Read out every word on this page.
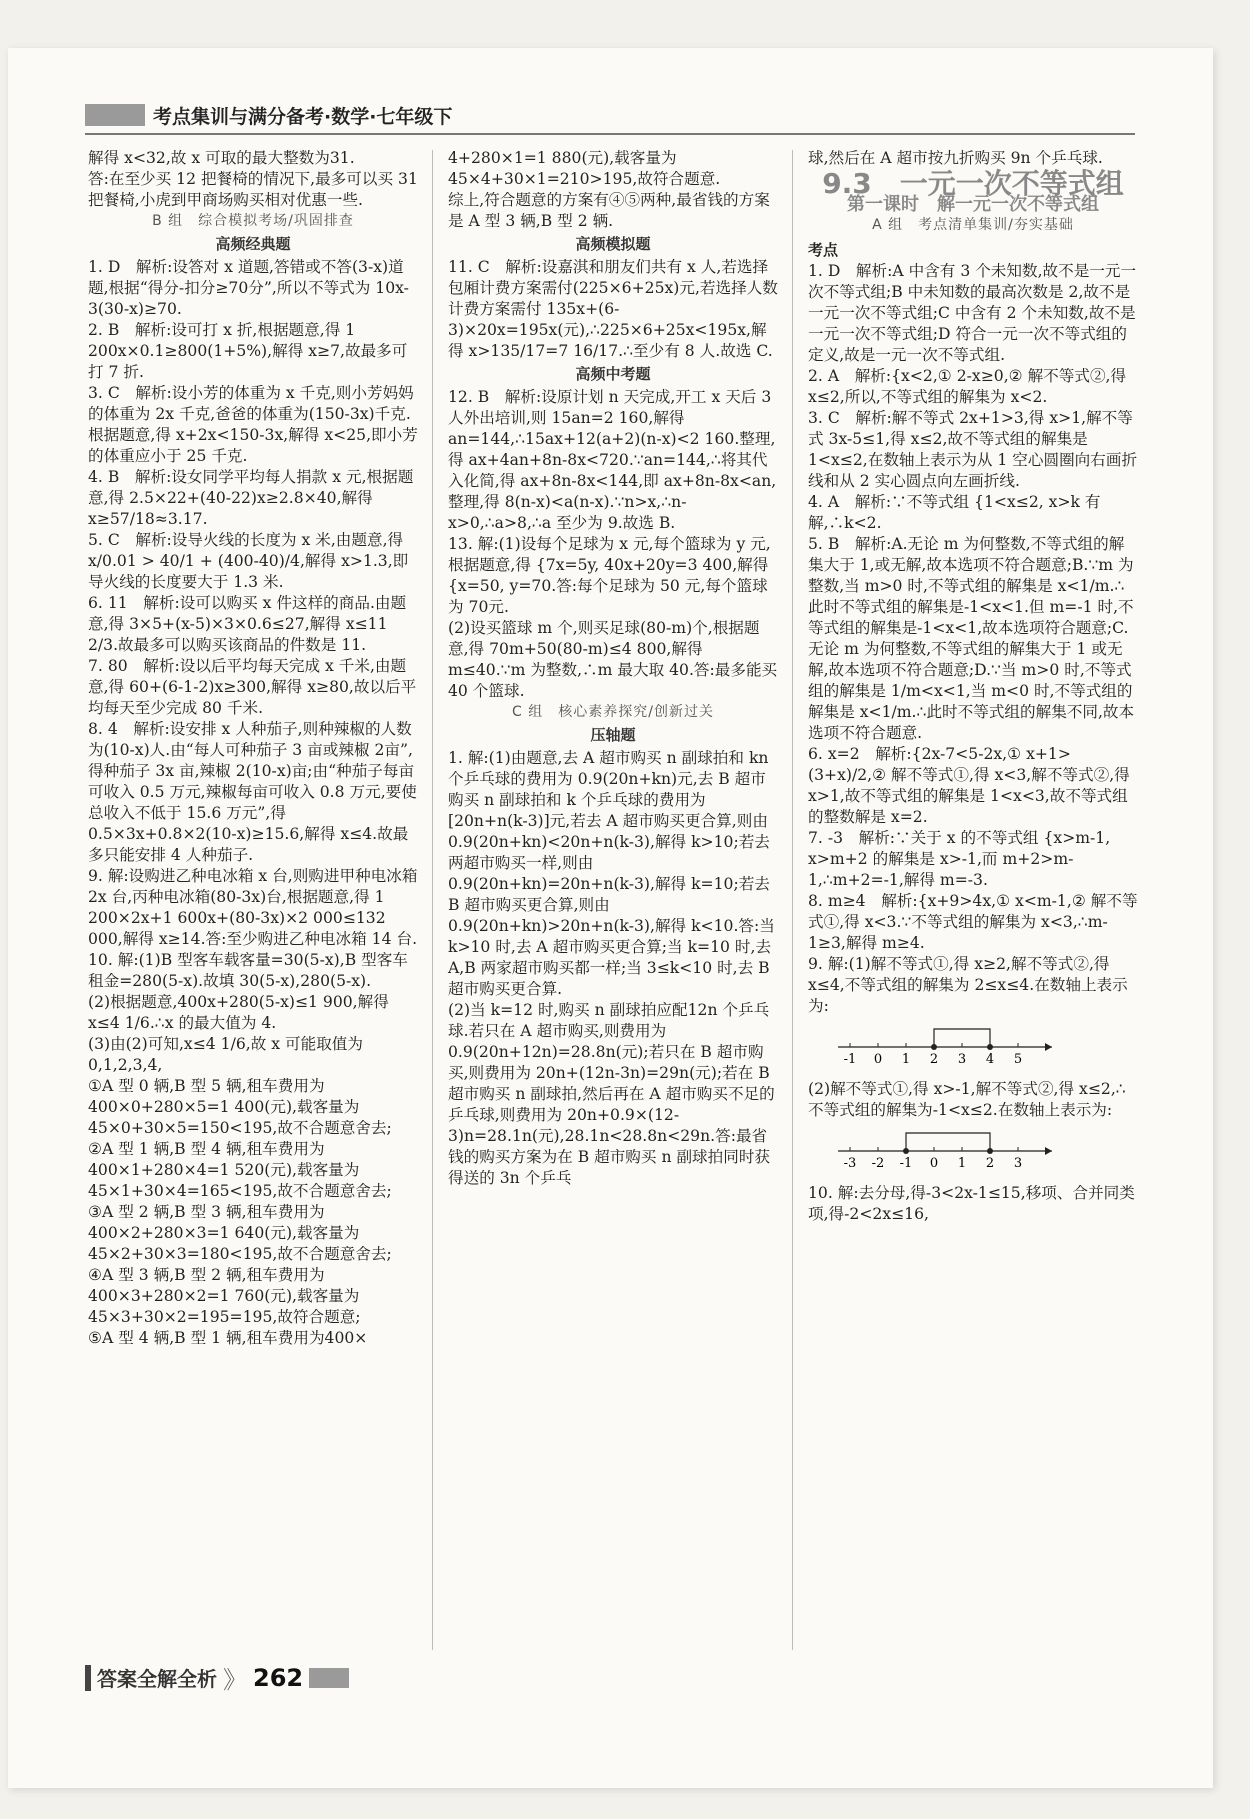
考点集训与满分备考·数学·七年级下

解得 x<32,故 x 可取的最大整数为31.

答:在至少买 12 把餐椅的情况下,最多可以买 31 把餐椅,小虎到甲商场购买相对优惠一些.

B 组　综合模拟考场/巩固排查
高频经典题

1. D　解析:设答对 x 道题,答错或不答(3-x)道题,根据“得分-扣分≥70分”,所以不等式为 10x-3(30-x)≥70.

2. B　解析:设可打 x 折,根据题意,得 1 200x×0.1≥800(1+5%),解得 x≥7,故最多可打 7 折.

3. C　解析:设小芳的体重为 x 千克,则小芳妈妈的体重为 2x 千克,爸爸的体重为(150-3x)千克.根据题意,得 x+2x<150-3x,解得 x<25,即小芳的体重应小于 25 千克.

4. B　解析:设女同学平均每人捐款 x 元,根据题意,得 2.5×22+(40-22)x≥2.8×40,解得 x≥57/18≈3.17.

5. C　解析:设导火线的长度为 x 米,由题意,得 x/0.01 > 40/1 + (400-40)/4,解得 x>1.3,即导火线的长度要大于 1.3 米.

6. 11　解析:设可以购买 x 件这样的商品.由题意,得 3×5+(x-5)×3×0.6≤27,解得 x≤11 2/3.故最多可以购买该商品的件数是 11.

7. 80　解析:设以后平均每天完成 x 千米,由题意,得 60+(6-1-2)x≥300,解得 x≥80,故以后平均每天至少完成 80 千米.

8. 4　解析:设安排 x 人种茄子,则种辣椒的人数为(10-x)人.由“每人可种茄子 3 亩或辣椒 2亩”,得种茄子 3x 亩,辣椒 2(10-x)亩;由“种茄子每亩可收入 0.5 万元,辣椒每亩可收入 0.8 万元,要使总收入不低于 15.6 万元”,得 0.5×3x+0.8×2(10-x)≥15.6,解得 x≤4.故最多只能安排 4 人种茄子.

9. 解:设购进乙种电冰箱 x 台,则购进甲种电冰箱 2x 台,丙种电冰箱(80-3x)台,根据题意,得 1 200×2x+1 600x+(80-3x)×2 000≤132 000,解得 x≥14.答:至少购进乙种电冰箱 14 台.

10. 解:(1)B 型客车载客量=30(5-x),B 型客车租金=280(5-x).故填 30(5-x),280(5-x).

(2)根据题意,400x+280(5-x)≤1 900,解得 x≤4 1/6.∴x 的最大值为 4.

(3)由(2)可知,x≤4 1/6,故 x 可能取值为 0,1,2,3,4,

①A 型 0 辆,B 型 5 辆,租车费用为400×0+280×5=1 400(元),载客量为 45×0+30×5=150<195,故不合题意舍去;

②A 型 1 辆,B 型 4 辆,租车费用为400×1+280×4=1 520(元),载客量为 45×1+30×4=165<195,故不合题意舍去;

③A 型 2 辆,B 型 3 辆,租车费用为400×2+280×3=1 640(元),载客量为 45×2+30×3=180<195,故不合题意舍去;

④A 型 3 辆,B 型 2 辆,租车费用为400×3+280×2=1 760(元),载客量为 45×3+30×2=195=195,故符合题意;

⑤A 型 4 辆,B 型 1 辆,租车费用为400×

4+280×1=1 880(元),载客量为 45×4+30×1=210>195,故符合题意.

综上,符合题意的方案有④⑤两种,最省钱的方案是 A 型 3 辆,B 型 2 辆.

高频模拟题

11. C　解析:设嘉淇和朋友们共有 x 人,若选择包厢计费方案需付(225×6+25x)元,若选择人数计费方案需付 135x+(6-3)×20x=195x(元),∴225×6+25x<195x,解得 x>135/17=7 16/17.∴至少有 8 人.故选 C.

高频中考题

12. B　解析:设原计划 n 天完成,开工 x 天后 3 人外出培训,则 15an=2 160,解得 an=144,∴15ax+12(a+2)(n-x)<2 160.整理,得 ax+4an+8n-8x<720.∵an=144,∴将其代入化简,得 ax+8n-8x<144,即 ax+8n-8x<an,整理,得 8(n-x)<a(n-x).∵n>x,∴n-x>0,∴a>8,∴a 至少为 9.故选 B.

13. 解:(1)设每个足球为 x 元,每个篮球为 y 元,根据题意,得 {7x=5y, 40x+20y=3 400,解得 {x=50, y=70.答:每个足球为 50 元,每个篮球为 70元.

(2)设买篮球 m 个,则买足球(80-m)个,根据题意,得 70m+50(80-m)≤4 800,解得 m≤40.∵m 为整数,∴m 最大取 40.答:最多能买 40 个篮球.

C 组　核心素养探究/创新过关
压轴题

1. 解:(1)由题意,去 A 超市购买 n 副球拍和 kn 个乒乓球的费用为 0.9(20n+kn)元,去 B 超市购买 n 副球拍和 k 个乒乓球的费用为[20n+n(k-3)]元,若去 A 超市购买更合算,则由 0.9(20n+kn)<20n+n(k-3),解得 k>10;若去两超市购买一样,则由 0.9(20n+kn)=20n+n(k-3),解得 k=10;若去 B 超市购买更合算,则由 0.9(20n+kn)>20n+n(k-3),解得 k<10.答:当 k>10 时,去 A 超市购买更合算;当 k=10 时,去 A,B 两家超市购买都一样;当 3≤k<10 时,去 B 超市购买更合算.

(2)当 k=12 时,购买 n 副球拍应配12n 个乒乓球.若只在 A 超市购买,则费用为 0.9(20n+12n)=28.8n(元);若只在 B 超市购买,则费用为 20n+(12n-3n)=29n(元);若在 B 超市购买 n 副球拍,然后再在 A 超市购买不足的乒乓球,则费用为 20n+0.9×(12-3)n=28.1n(元),28.1n<28.8n<29n.答:最省钱的购买方案为在 B 超市购买 n 副球拍同时获得送的 3n 个乒乓

球,然后在 A 超市按九折购买 9n 个乒乓球.

9.3　一元一次不等式组
第一课时　解一元一次不等式组
A 组　考点清单集训/夯实基础
考点

1. D　解析:A 中含有 3 个未知数,故不是一元一次不等式组;B 中未知数的最高次数是 2,故不是一元一次不等式组;C 中含有 2 个未知数,故不是一元一次不等式组;D 符合一元一次不等式组的定义,故是一元一次不等式组.

2. A　解析:{x<2,① 2-x≥0,② 解不等式②,得 x≤2,所以,不等式组的解集为 x<2.

3. C　解析:解不等式 2x+1>3,得 x>1,解不等式 3x-5≤1,得 x≤2,故不等式组的解集是 1<x≤2,在数轴上表示为从 1 空心圆圈向右画折线和从 2 实心圆点向左画折线.

4. A　解析:∵不等式组 {1<x≤2, x>k 有解,∴k<2.

5. B　解析:A.无论 m 为何整数,不等式组的解集大于 1,或无解,故本选项不符合题意;B.∵m 为整数,当 m>0 时,不等式组的解集是 x<1/m.∴此时不等式组的解集是-1<x<1.但 m=-1 时,不等式组的解集是-1<x<1,故本选项符合题意;C.无论 m 为何整数,不等式组的解集大于 1 或无解,故本选项不符合题意;D.∵当 m>0 时,不等式组的解集是 1/m<x<1,当 m<0 时,不等式组的解集是 x<1/m.∴此时不等式组的解集不同,故本选项不符合题意.

6. x=2　解析:{2x-7<5-2x,① x+1>(3+x)/2,② 解不等式①,得 x<3,解不等式②,得 x>1,故不等式组的解集是 1<x<3,故不等式组的整数解是 x=2.

7. -3　解析:∵关于 x 的不等式组 {x>m-1, x>m+2 的解集是 x>-1,而 m+2>m-1,∴m+2=-1,解得 m=-3.

8. m≥4　解析:{x+9>4x,① x<m-1,② 解不等式①,得 x<3.∵不等式组的解集为 x<3,∴m-1≥3,解得 m≥4.

9. 解:(1)解不等式①,得 x≥2,解不等式②,得 x≤4,不等式组的解集为 2≤x≤4.在数轴上表示为:

-1 0 1 2 3 4 5

(2)解不等式①,得 x>-1,解不等式②,得 x≤2,∴不等式组的解集为-1<x≤2.在数轴上表示为:

-3 -2 -1 0 1 2 3

10. 解:去分母,得-3<2x-1≤15,移项、合并同类项,得-2<2x≤16,

答案全解全析 》 262
